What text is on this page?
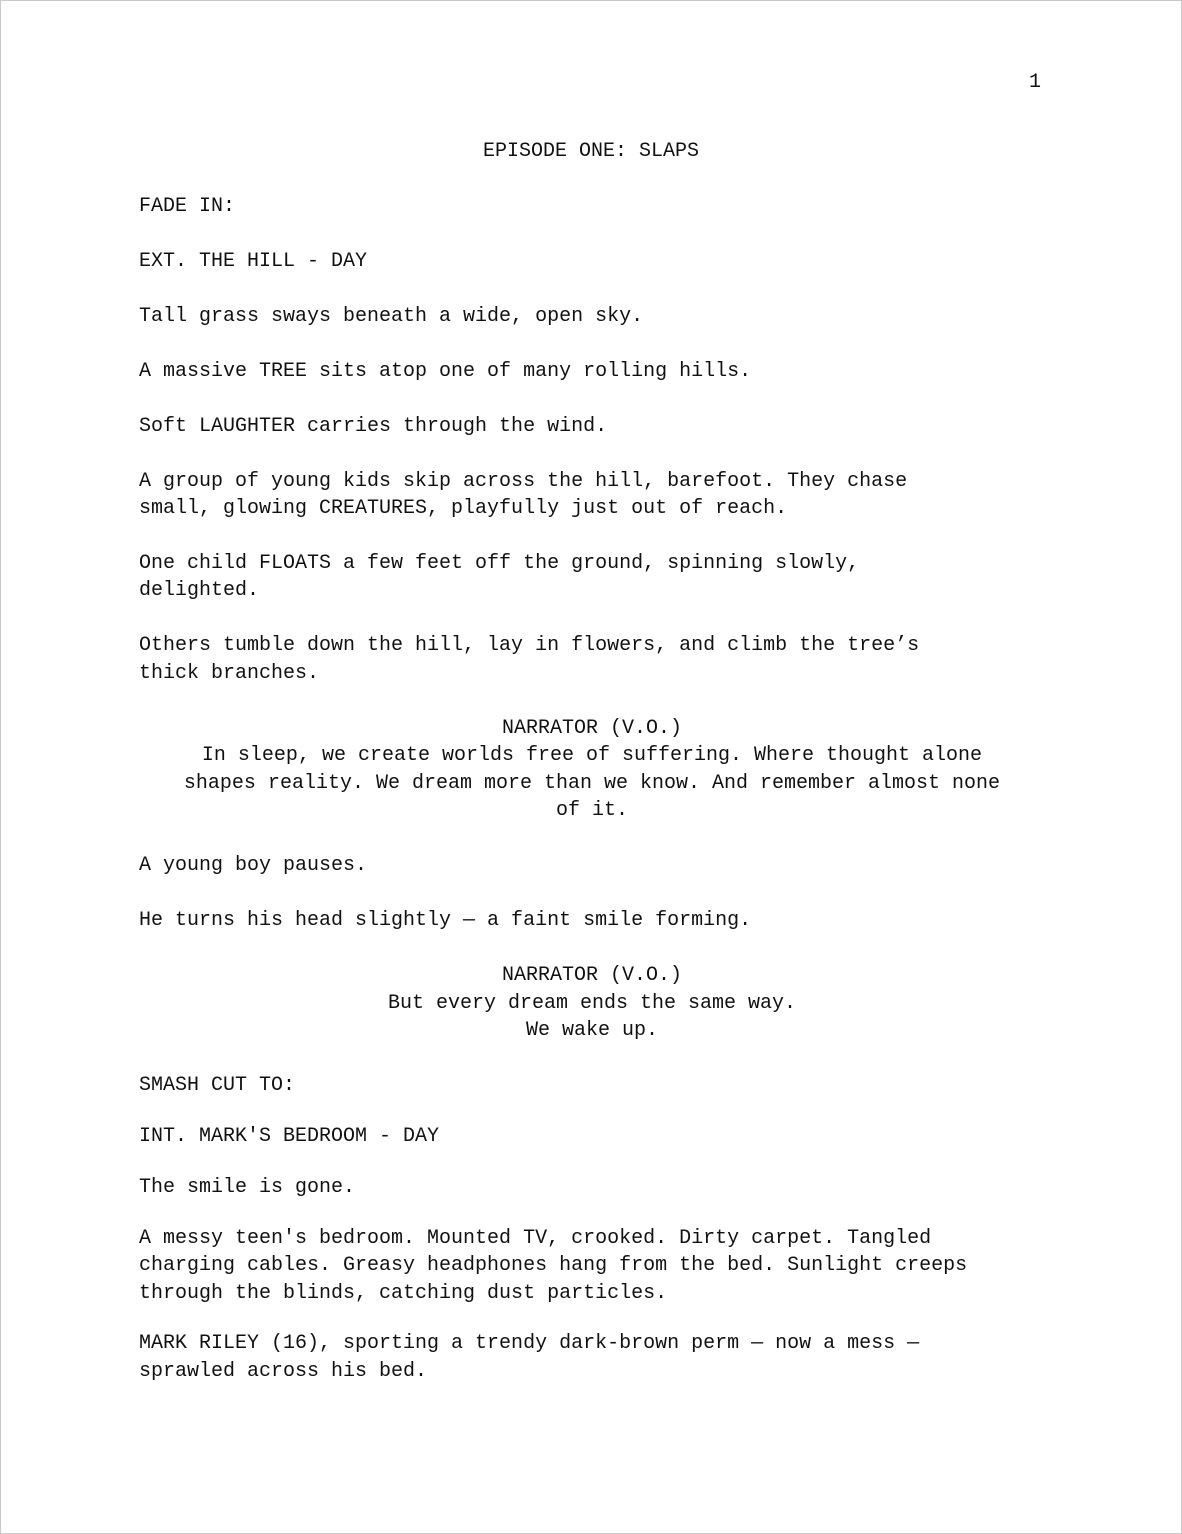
1
EPISODE ONE: SLAPS
FADE IN:
EXT. THE HILL - DAY
Tall grass sways beneath a wide, open sky.
A massive TREE sits atop one of many rolling hills.
Soft LAUGHTER carries through the wind.
A group of young kids skip across the hill, barefoot. They chase
small, glowing CREATURES, playfully just out of reach.
One child FLOATS a few feet off the ground, spinning slowly,
delighted.
Others tumble down the hill, lay in flowers, and climb the tree’s
thick branches.
NARRATOR (V.O.)
In sleep, we create worlds free of suffering. Where thought alone
shapes reality. We dream more than we know. And remember almost none
of it.
A young boy pauses.
He turns his head slightly — a faint smile forming.
NARRATOR (V.O.)
But every dream ends the same way.
We wake up.
SMASH CUT TO:
INT. MARK'S BEDROOM - DAY
The smile is gone.
A messy teen's bedroom. Mounted TV, crooked. Dirty carpet. Tangled
charging cables. Greasy headphones hang from the bed. Sunlight creeps
through the blinds, catching dust particles.
MARK RILEY (16), sporting a trendy dark-brown perm — now a mess —
sprawled across his bed.
